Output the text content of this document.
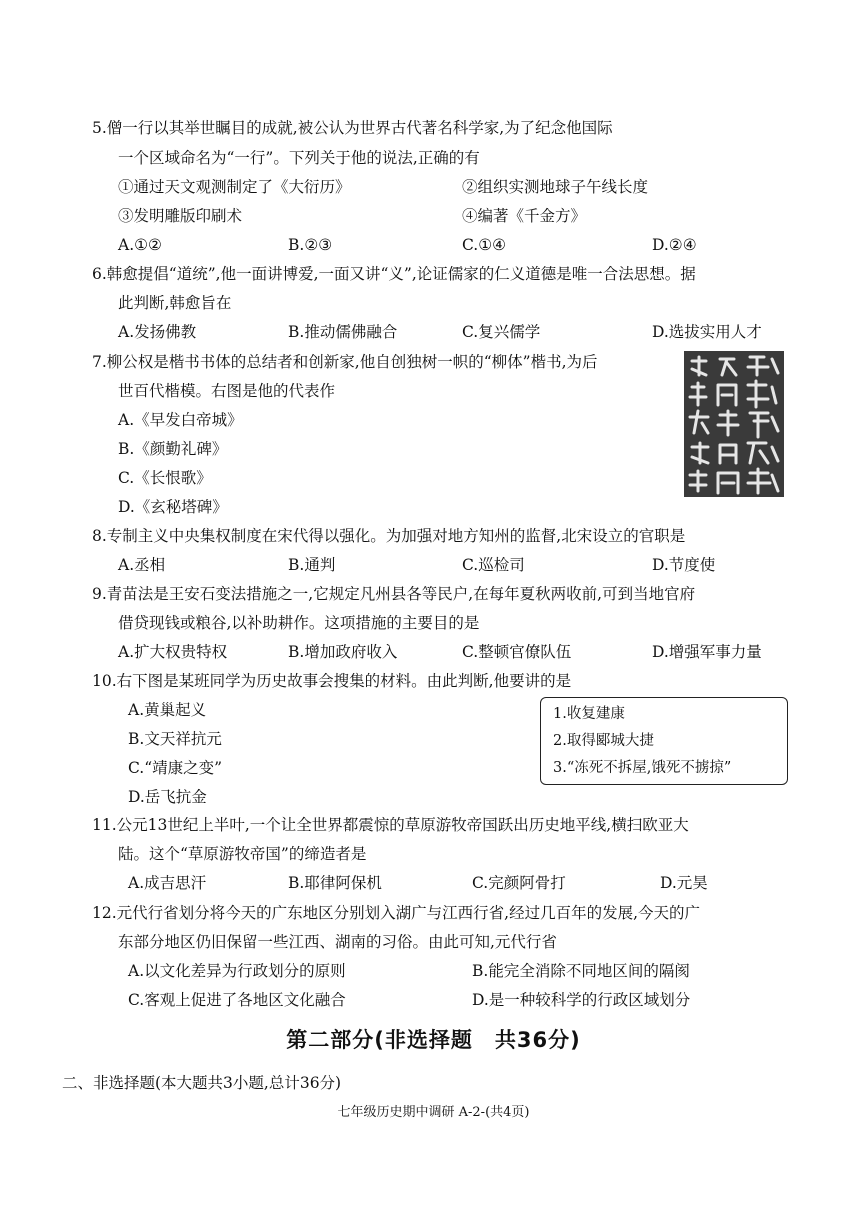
5.僧一行以其举世瞩目的成就,被公认为世界古代著名科学家,为了纪念他国际
一个区域命名为“一行”。下列关于他的说法,正确的有
①通过天文观测制定了《大衍历》	②组织实测地球子午线长度
③发明雕版印刷术	④编著《千金方》
A.①②	B.②③	C.①④	D.②④
6.韩愈提倡“道统”,他一面讲博爱,一面又讲“义”,论证儒家的仁义道德是唯一合法思想。据
此判断,韩愈旨在
A.发扬佛教	B.推动儒佛融合	C.复兴儒学	D.选拔实用人才
7.柳公权是楷书书体的总结者和创新家,他自创独树一帜的“柳体”楷书,为后
世百代楷模。右图是他的代表作
A.《早发白帝城》
B.《颜勤礼碑》
C.《长恨歌》
D.《玄秘塔碑》
8.专制主义中央集权制度在宋代得以强化。为加强对地方知州的监督,北宋设立的官职是
A.丞相	B.通判	C.巡检司	D.节度使
9.青苗法是王安石变法措施之一,它规定凡州县各等民户,在每年夏秋两收前,可到当地官府
借贷现钱或粮谷,以补助耕作。这项措施的主要目的是
A.扩大权贵特权	B.增加政府收入	C.整顿官僚队伍	D.增强军事力量
10.右下图是某班同学为历史故事会搜集的材料。由此判断,他要讲的是
A.黄巢起义
B.文天祥抗元
C.“靖康之变”
D.岳飞抗金
1.收复建康
2.取得郾城大捷
3.“冻死不拆屋,饿死不掳掠”
11.公元13世纪上半叶,一个让全世界都震惊的草原游牧帝国跃出历史地平线,横扫欧亚大
陆。这个“草原游牧帝国”的缔造者是
A.成吉思汗	B.耶律阿保机	C.完颜阿骨打	D.元昊
12.元代行省划分将今天的广东地区分别划入湖广与江西行省,经过几百年的发展,今天的广
东部分地区仍旧保留一些江西、湖南的习俗。由此可知,元代行省
A.以文化差异为行政划分的原则	B.能完全消除不同地区间的隔阂
C.客观上促进了各地区文化融合	D.是一种较科学的行政区域划分
第二部分(非选择题　共36分)
二、非选择题(本大题共3小题,总计36分)
七年级历史期中调研 A-2-(共4页)
